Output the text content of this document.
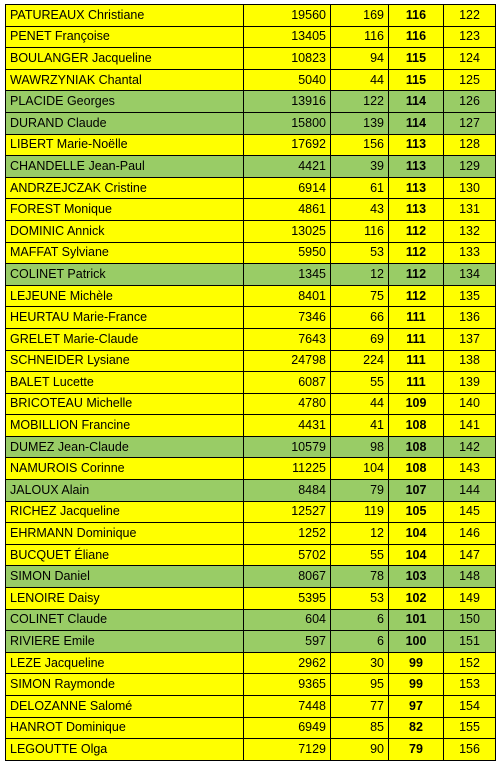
PATUREAUX Christiane	19560	169	116	122
PENET Françoise	13405	116	116	123
BOULANGER Jacqueline	10823	94	115	124
WAWRZYNIAK Chantal	5040	44	115	125
PLACIDE Georges	13916	122	114	126
DURAND Claude	15800	139	114	127
LIBERT Marie-Noëlle	17692	156	113	128
CHANDELLE Jean-Paul	4421	39	113	129
ANDRZEJCZAK Cristine	6914	61	113	130
FOREST Monique	4861	43	113	131
DOMINIC Annick	13025	116	112	132
MAFFAT Sylviane	5950	53	112	133
COLINET Patrick	1345	12	112	134
LEJEUNE Michèle	8401	75	112	135
HEURTAU Marie-France	7346	66	111	136
GRELET Marie-Claude	7643	69	111	137
SCHNEIDER Lysiane	24798	224	111	138
BALET Lucette	6087	55	111	139
BRICOTEAU Michelle	4780	44	109	140
MOBILLION Francine	4431	41	108	141
DUMEZ Jean-Claude	10579	98	108	142
NAMUROIS Corinne	11225	104	108	143
JALOUX Alain	8484	79	107	144
RICHEZ Jacqueline	12527	119	105	145
EHRMANN Dominique	1252	12	104	146
BUCQUET Éliane	5702	55	104	147
SIMON Daniel	8067	78	103	148
LENOIRE Daisy	5395	53	102	149
COLINET Claude	604	6	101	150
RIVIERE Emile	597	6	100	151
LEZE Jacqueline	2962	30	99	152
SIMON Raymonde	9365	95	99	153
DELOZANNE Salomé	7448	77	97	154
HANROT Dominique	6949	85	82	155
LEGOUTTE Olga	7129	90	79	156
